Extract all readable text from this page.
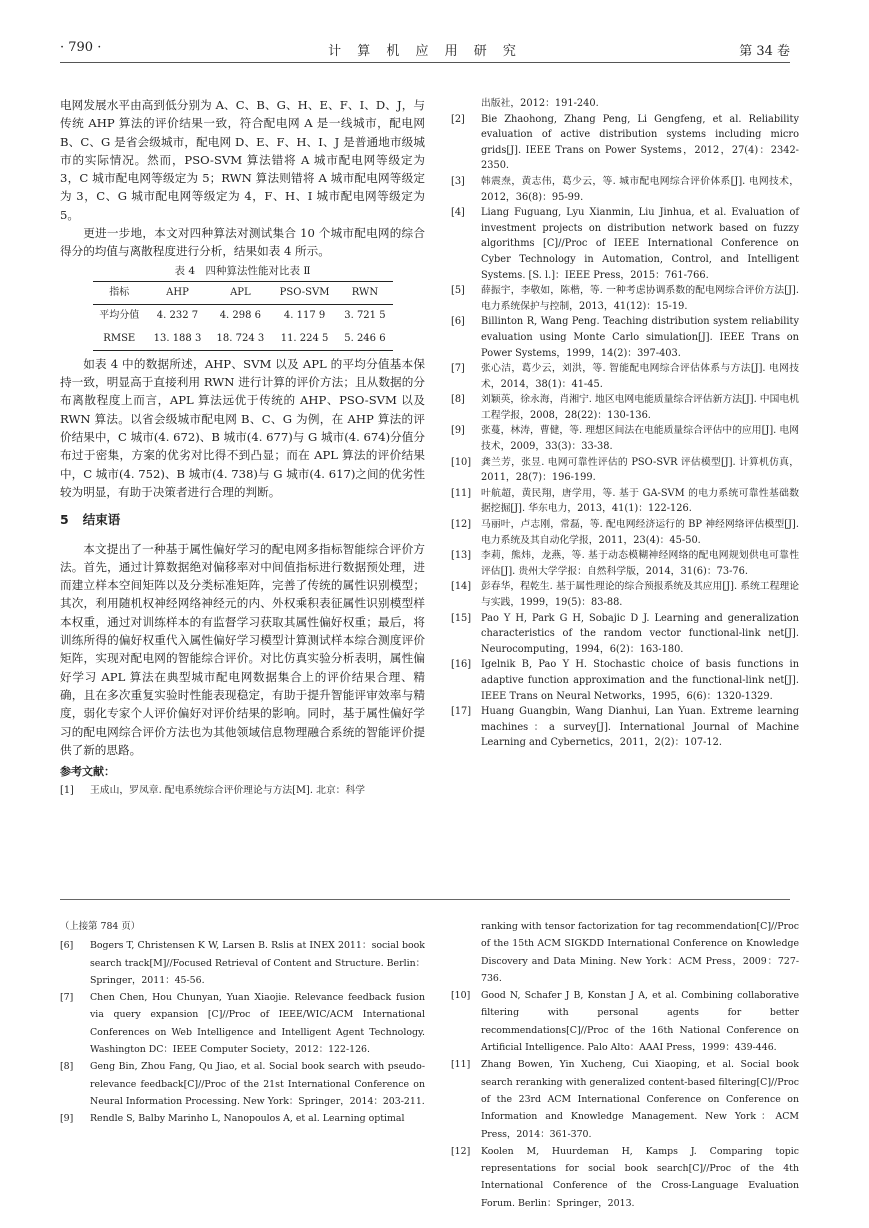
· 790 ·	计 算 机 应 用 研 究	第 34 卷

电网发展水平由高到低分别为 A、C、B、G、H、E、F、I、D、J，与传统 AHP 算法的评价结果一致，符合配电网 A 是一线城市，配电网 B、C、G 是省会级城市，配电网 D、E、F、H、I、J 是普通地市级城市的实际情况。然而，PSO-SVM 算法错将 A 城市配电网等级定为 3，C 城市配电网等级定为 5；RWN 算法则错将 A 城市配电网等级定为 3，C、G 城市配电网等级定为 4，F、H、I 城市配电网等级定为 5。

更进一步地，本文对四种算法对测试集合 10 个城市配电网的综合得分的均值与离散程度进行分析，结果如表 4 所示。

表 4　四种算法性能对比表 Ⅱ
指标	AHP	APL	PSO-SVM	RWN
平均分值	4. 232 7	4. 298 6	4. 117 9	3. 721 5
RMSE	13. 188 3	18. 724 3	11. 224 5	5. 246 6

如表 4 中的数据所述，AHP、SVM 以及 APL 的平均分值基本保持一致，明显高于直接利用 RWN 进行计算的评价方法；且从数据的分布离散程度上而言，APL 算法远优于传统的 AHP、PSO-SVM 以及 RWN 算法。以省会级城市配电网 B、C、G 为例，在 AHP 算法的评价结果中，C 城市(4. 672)、B 城市(4. 677)与 G 城市(4. 674)分值分布过于密集，方案的优劣对比得不到凸显；而在 APL 算法的评价结果中，C 城市(4. 752)、B 城市(4. 738)与 G 城市(4. 617)之间的优劣性较为明显，有助于决策者进行合理的判断。

5 结束语

本文提出了一种基于属性偏好学习的配电网多指标智能综合评价方法。首先，通过计算数据绝对偏移率对中间值指标进行数据预处理，进而建立样本空间矩阵以及分类标准矩阵，完善了传统的属性识别模型；其次，利用随机权神经网络神经元的内、外权乘积表征属性识别模型样本权重，通过对训练样本的有监督学习获取其属性偏好权重；最后，将训练所得的偏好权重代入属性偏好学习模型计算测试样本综合测度评价矩阵，实现对配电网的智能综合评价。对比仿真实验分析表明，属性偏好学习 APL 算法在典型城市配电网数据集合上的评价结果合理、精确，且在多次重复实验时性能表现稳定，有助于提升智能评审效率与精度，弱化专家个人评价偏好对评价结果的影响。同时，基于属性偏好学习的配电网综合评价方法也为其他领域信息物理融合系统的智能评价提供了新的思路。

参考文献：
[1]	王成山，罗凤章. 配电系统综合评价理论与方法[M]. 北京：科学
出版社，2012：191-240.
[2]	Bie Zhaohong, Zhang Peng, Li Gengfeng, et al. Reliability evaluation of active distribution systems including micro grids[J]. IEEE Trans on Power Systems，2012，27(4)：2342-2350.
[3]	韩震焘，黄志伟，葛少云，等. 城市配电网综合评价体系[J]. 电网技术，2012，36(8)：95-99.
[4]	Liang Fuguang, Lyu Xianmin, Liu Jinhua, et al. Evaluation of investment projects on distribution network based on fuzzy algorithms [C]//Proc of IEEE International Conference on Cyber Technology in Automation, Control, and Intelligent Systems. [S. l.]：IEEE Press，2015：761-766.
[5]	薛振宇，李敬如，陈楷，等. 一种考虑协调系数的配电网综合评价方法[J]. 电力系统保护与控制，2013，41(12)：15-19.
[6]	Billinton R, Wang Peng. Teaching distribution system reliability evaluation using Monte Carlo simulation[J]. IEEE Trans on Power Systems，1999，14(2)：397-403.
[7]	张心洁，葛少云，刘洪，等. 智能配电网综合评估体系与方法[J]. 电网技术，2014，38(1)：41-45.
[8]	刘颖英，徐永海，肖湘宁. 地区电网电能质量综合评估新方法[J]. 中国电机工程学报，2008，28(22)：130-136.
[9]	张蔓，林涛，曹健，等. 理想区间法在电能质量综合评估中的应用[J]. 电网技术，2009，33(3)：33-38.
[10]	龚兰芳，张昱. 电网可靠性评估的 PSO-SVR 评估模型[J]. 计算机仿真，2011，28(7)：196-199.
[11]	叶航超，黄民翔，唐学用，等. 基于 GA-SVM 的电力系统可靠性基础数据挖掘[J]. 华东电力，2013，41(1)：122-126.
[12]	马丽叶，卢志刚，常磊，等. 配电网经济运行的 BP 神经网络评估模型[J]. 电力系统及其自动化学报，2011，23(4)：45-50.
[13]	李莉，熊炜，龙燕，等. 基于动态模糊神经网络的配电网规划供电可靠性评估[J]. 贵州大学学报：自然科学版，2014，31(6)：73-76.
[14]	彭春华，程乾生. 基于属性理论的综合预报系统及其应用[J]. 系统工程理论与实践，1999，19(5)：83-88.
[15]	Pao Y H, Park G H, Sobajic D J. Learning and generalization characteristics of the random vector functional-link net[J]. Neurocomputing，1994，6(2)：163-180.
[16]	Igelnik B, Pao Y H. Stochastic choice of basis functions in adaptive function approximation and the functional-link net[J]. IEEE Trans on Neural Networks，1995，6(6)：1320-1329.
[17]	Huang Guangbin, Wang Dianhui, Lan Yuan. Extreme learning machines：a survey[J]. International Journal of Machine Learning and Cybernetics，2011，2(2)：107-12.
（上接第 784 页）
[6]	Bogers T, Christensen K W, Larsen B. Rslis at INEX 2011：social book search track[M]//Focused Retrieval of Content and Structure. Berlin：Springer，2011：45-56.
[7]	Chen Chen, Hou Chunyan, Yuan Xiaojie. Relevance feedback fusion via query expansion [C]//Proc of IEEE/WIC/ACM International Conferences on Web Intelligence and Intelligent Agent Technology. Washington DC：IEEE Computer Society，2012：122-126.
[8]	Geng Bin, Zhou Fang, Qu Jiao, et al. Social book search with pseudo-relevance feedback[C]//Proc of the 21st International Conference on Neural Information Processing. New York：Springer，2014：203-211.
[9]	Rendle S, Balby Marinho L, Nanopoulos A, et al. Learning optimal
ranking with tensor factorization for tag recommendation[C]//Proc of the 15th ACM SIGKDD International Conference on Knowledge Discovery and Data Mining. New York：ACM Press，2009：727-736.
[10]	Good N, Schafer J B, Konstan J A, et al. Combining collaborative filtering with personal agents for better recommendations[C]//Proc of the 16th National Conference on Artificial Intelligence. Palo Alto：AAAI Press，1999：439-446.
[11]	Zhang Bowen, Yin Xucheng, Cui Xiaoping, et al. Social book search reranking with generalized content-based filtering[C]//Proc of the 23rd ACM International Conference on Conference on Information and Knowledge Management. New York：ACM Press，2014：361-370.
[12]	Koolen M, Huurdeman H, Kamps J. Comparing topic representations for social book search[C]//Proc of the 4th International Conference of the Cross-Language Evaluation Forum. Berlin：Springer，2013.
